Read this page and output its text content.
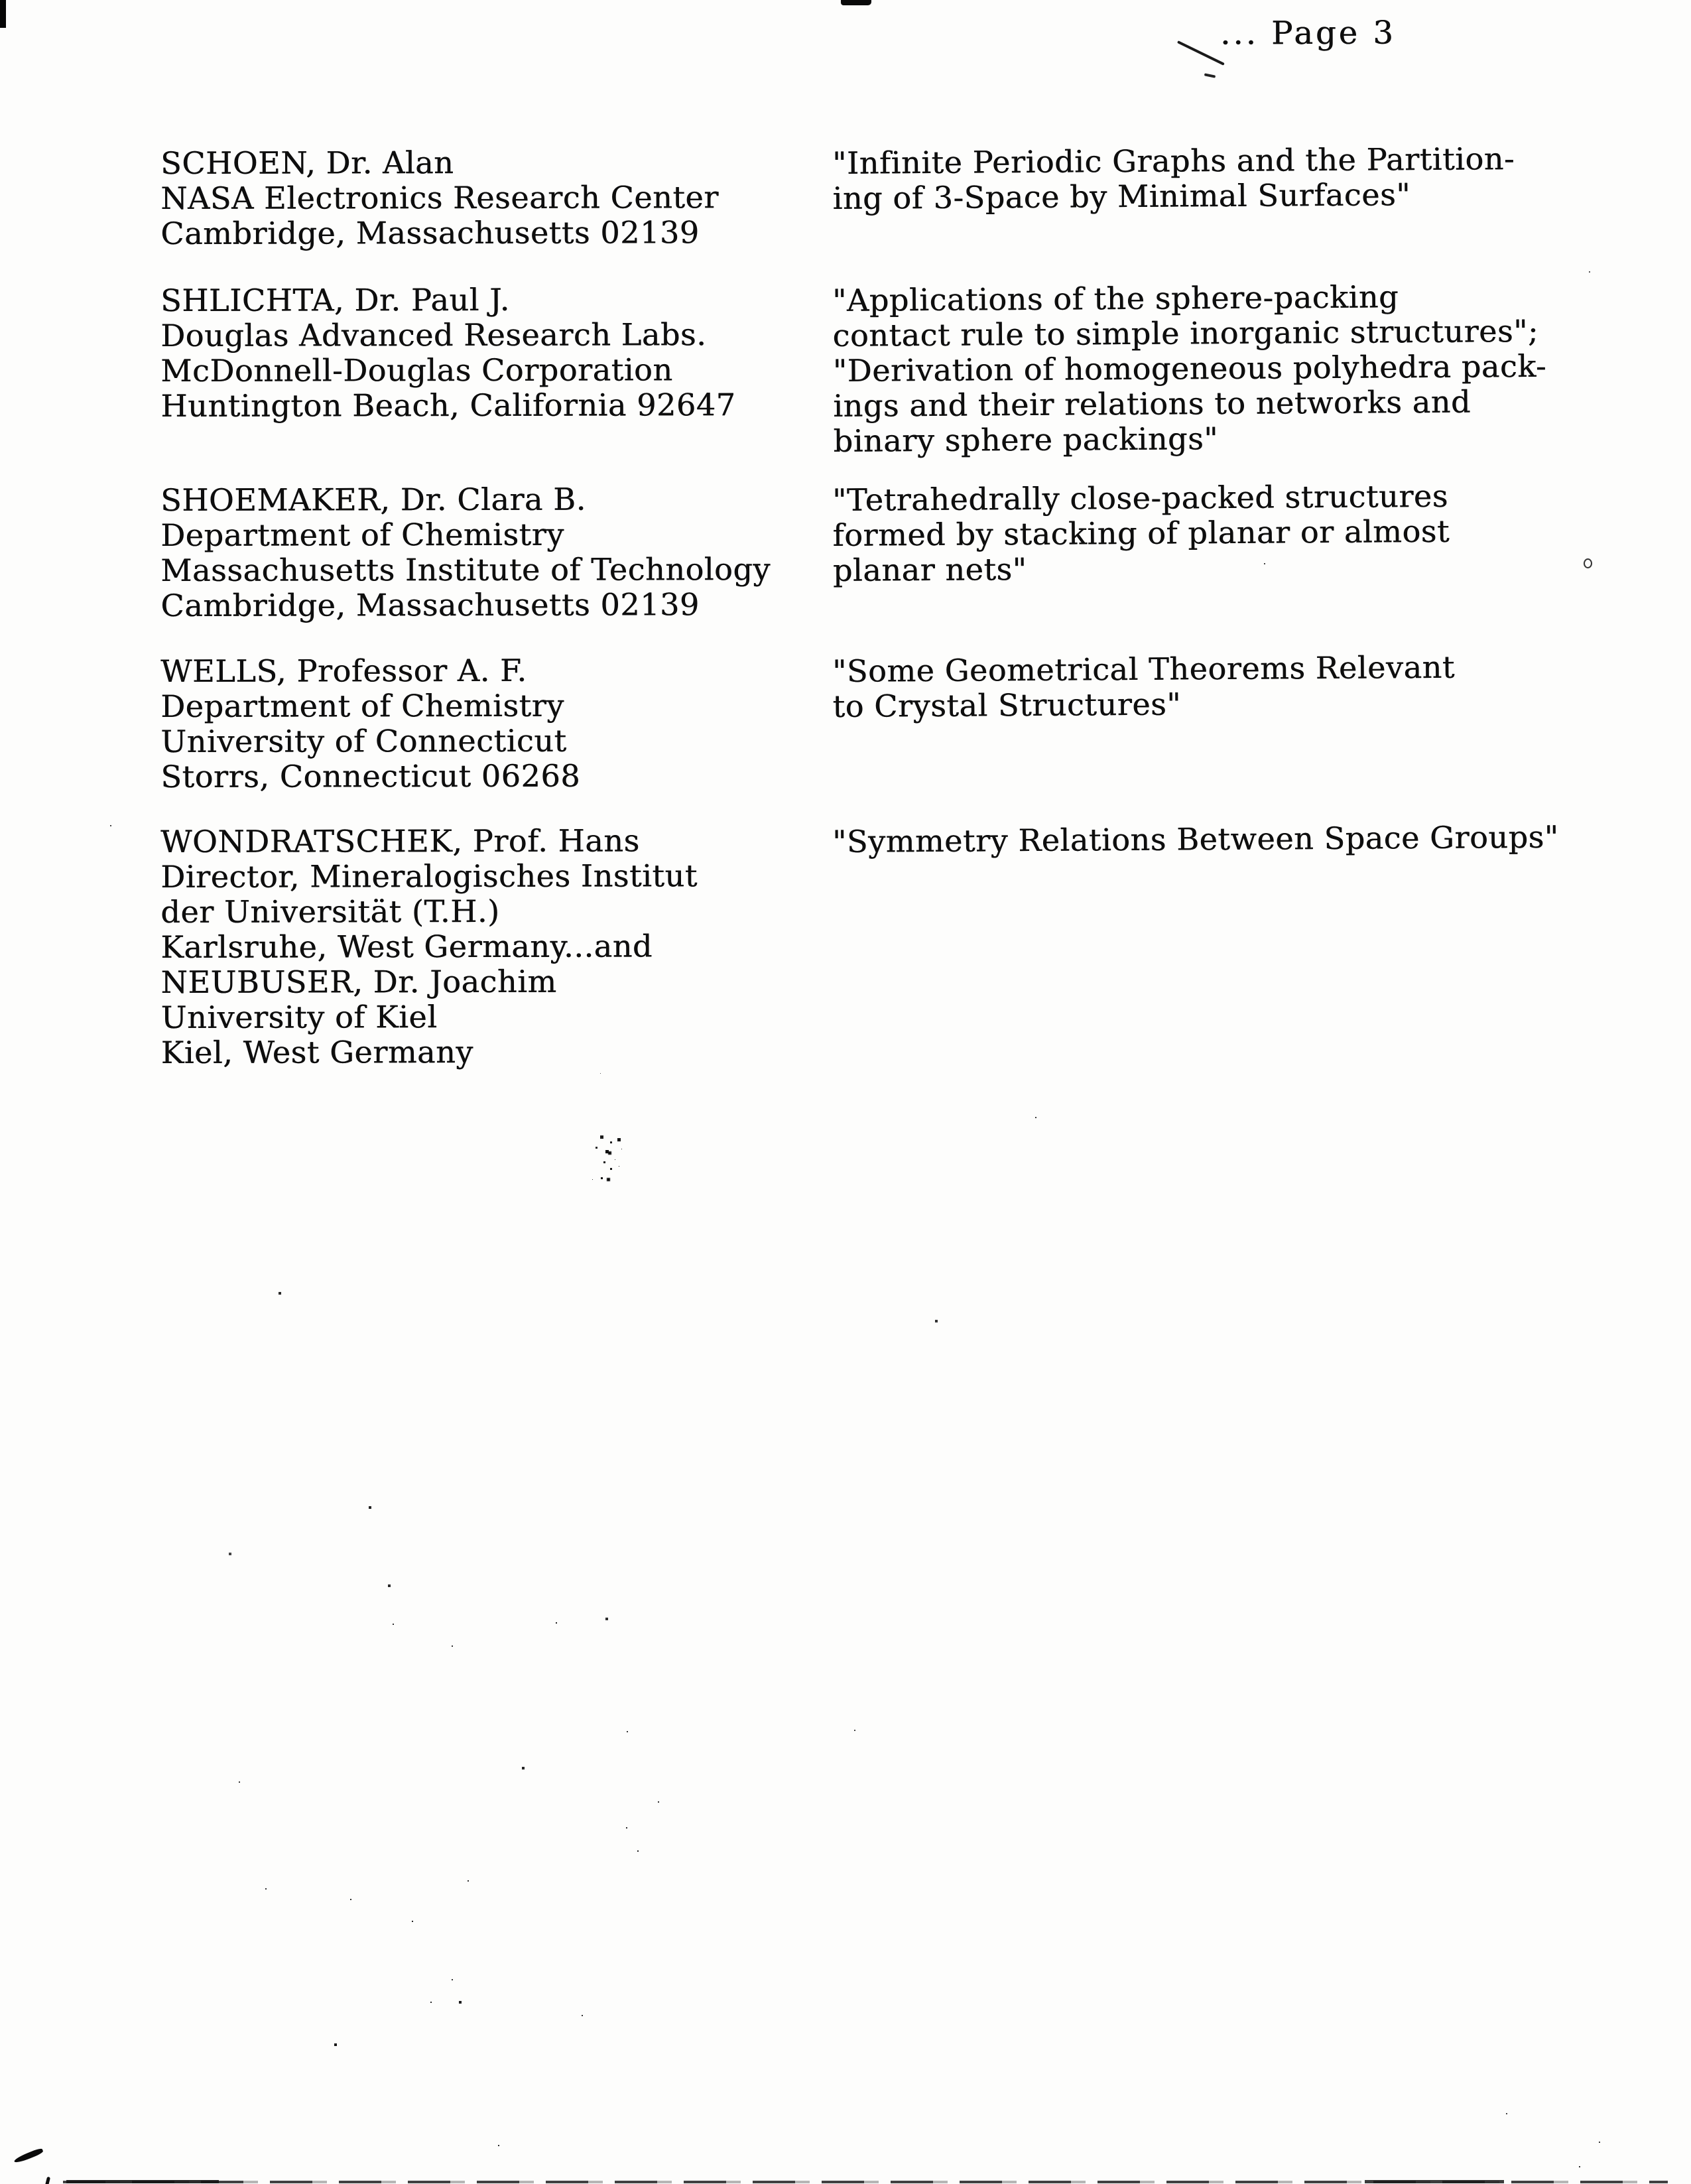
... Page 3
SCHOEN, Dr. Alan
NASA Electronics Research Center
Cambridge, Massachusetts 02139
"Infinite Periodic Graphs and the Partition-
ing of 3-Space by Minimal Surfaces"
SHLICHTA, Dr. Paul J.
Douglas Advanced Research Labs.
McDonnell-Douglas Corporation
Huntington Beach, California 92647
"Applications of the sphere-packing
contact rule to simple inorganic structures";
"Derivation of homogeneous polyhedra pack-
ings and their relations to networks and
binary sphere packings"
SHOEMAKER, Dr. Clara B.
Department of Chemistry
Massachusetts Institute of Technology
Cambridge, Massachusetts 02139
"Tetrahedrally close-packed structures
formed by stacking of planar or almost
planar nets"
WELLS, Professor A. F.
Department of Chemistry
University of Connecticut
Storrs, Connecticut 06268
"Some Geometrical Theorems Relevant
to Crystal Structures"
WONDRATSCHEK, Prof. Hans
Director, Mineralogisches Institut
der Universität (T.H.)
Karlsruhe, West Germany...and
NEUBUSER, Dr. Joachim
University of Kiel
Kiel, West Germany
"Symmetry Relations Between Space Groups"
